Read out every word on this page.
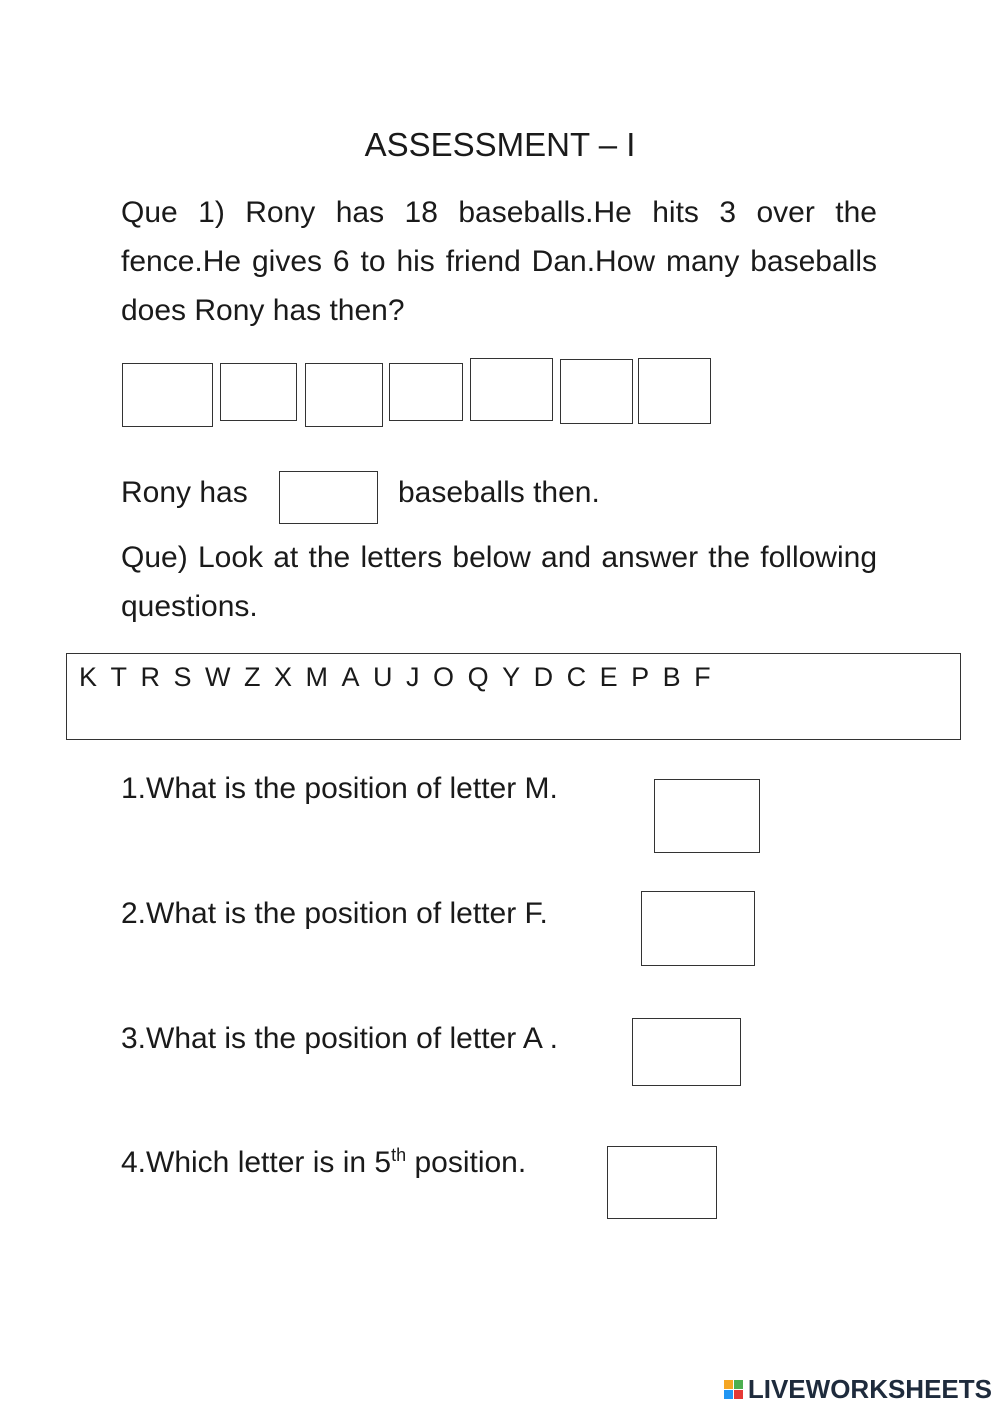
ASSESSMENT – I
Que 1) Rony has 18 baseballs.He hits 3 over the fence.He gives 6 to his friend Dan.How many baseballs does Rony has then?
Rony has	baseballs then.
Que) Look at the letters below and answer the following questions.
K T R S W Z X M A U J O Q Y D C E P B F
1.What is the position of letter M.
2.What is the position of letter F.
3.What is the position of letter A .
4.Which letter is in 5th position.
LIVEWORKSHEETS
